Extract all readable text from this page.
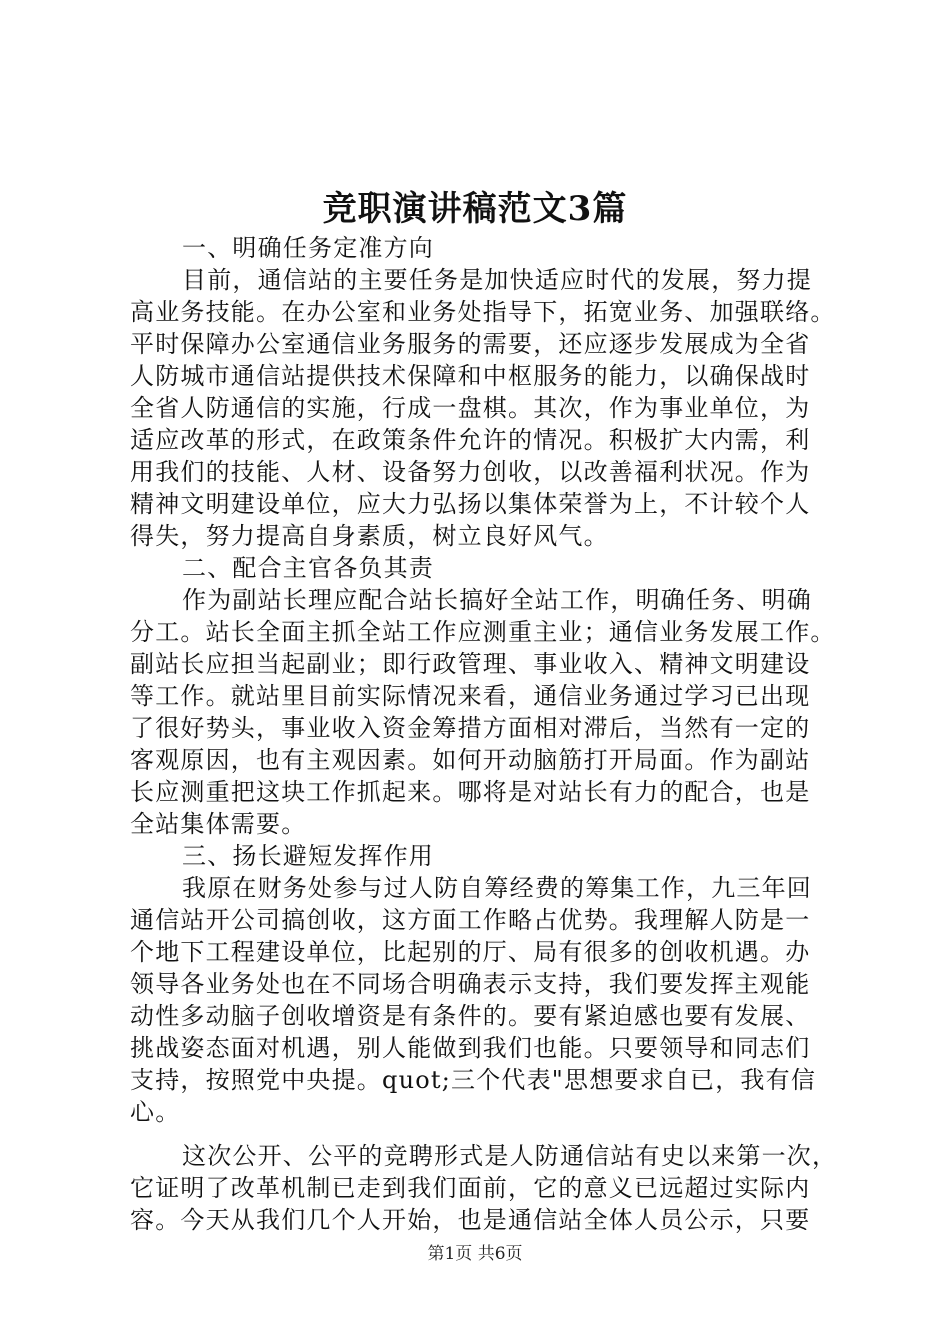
竞职演讲稿范文3篇
一、明确任务定准方向
目前，通信站的主要任务是加快适应时代的发展，努力提
高业务技能。在办公室和业务处指导下，拓宽业务、加强联络。
平时保障办公室通信业务服务的需要，还应逐步发展成为全省
人防城市通信站提供技术保障和中枢服务的能力，以确保战时
全省人防通信的实施，行成一盘棋。其次，作为事业单位，为
适应改革的形式，在政策条件允许的情况。积极扩大内需，利
用我们的技能、人材、设备努力创收，以改善福利状况。作为
精神文明建设单位，应大力弘扬以集体荣誉为上，不计较个人
得失，努力提高自身素质，树立良好风气。
二、配合主官各负其责
作为副站长理应配合站长搞好全站工作，明确任务、明确
分工。站长全面主抓全站工作应测重主业；通信业务发展工作。
副站长应担当起副业；即行政管理、事业收入、精神文明建设
等工作。就站里目前实际情况来看，通信业务通过学习已出现
了很好势头，事业收入资金筹措方面相对滞后，当然有一定的
客观原因，也有主观因素。如何开动脑筋打开局面。作为副站
长应测重把这块工作抓起来。哪将是对站长有力的配合，也是
全站集体需要。
三、扬长避短发挥作用
我原在财务处参与过人防自筹经费的筹集工作，九三年回
通信站开公司搞创收，这方面工作略占优势。我理解人防是一
个地下工程建设单位，比起别的厅、局有很多的创收机遇。办
领导各业务处也在不同场合明确表示支持，我们要发挥主观能
动性多动脑子创收增资是有条件的。要有紧迫感也要有发展、
挑战姿态面对机遇，别人能做到我们也能。只要领导和同志们
支持，按照党中央提。quot;三个代表"思想要求自已，我有信
心。
这次公开、公平的竞聘形式是人防通信站有史以来第一次，
它证明了改革机制已走到我们面前，它的意义已远超过实际内
容。今天从我们几个人开始，也是通信站全体人员公示，只要
第1页 共6页
